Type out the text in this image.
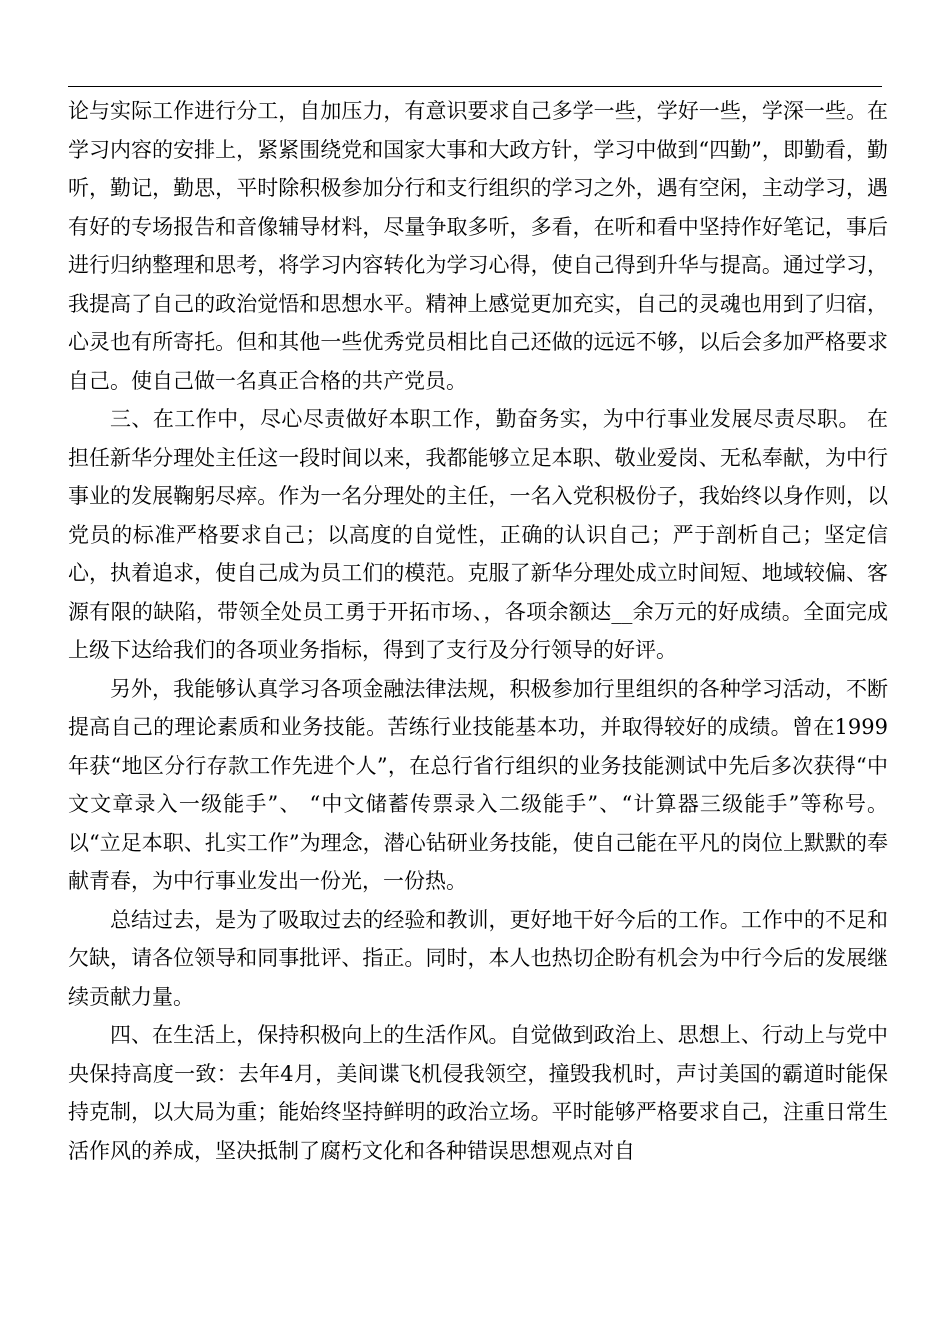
论与实际工作进行分工，自加压力，有意识要求自己多学一些，学好一些，学深一些。在学习内容的安排上，紧紧围绕党和国家大事和大政方针，学习中做到“四勤”，即勤看，勤听，勤记，勤思，平时除积极参加分行和支行组织的学习之外，遇有空闲，主动学习，遇有好的专场报告和音像辅导材料，尽量争取多听，多看，在听和看中坚持作好笔记，事后进行归纳整理和思考，将学习内容转化为学习心得，使自己得到升华与提高。通过学习，我提高了自己的政治觉悟和思想水平。精神上感觉更加充实，自己的灵魂也用到了归宿，心灵也有所寄托。但和其他一些优秀党员相比自己还做的远远不够，以后会多加严格要求自己。使自己做一名真正合格的共产党员。

三、在工作中，尽心尽责做好本职工作，勤奋务实，为中行事业发展尽责尽职。 在担任新华分理处主任这一段时间以来，我都能够立足本职、敬业爱岗、无私奉献，为中行事业的发展鞠躬尽瘁。作为一名分理处的主任，一名入党积极份子，我始终以身作则，以党员的标准严格要求自己；以高度的自觉性，正确的认识自己；严于剖析自己；坚定信心，执着追求，使自己成为员工们的模范。克服了新华分理处成立时间短、地域较偏、客源有限的缺陷，带领全处员工勇于开拓市场、，各项余额达__余万元的好成绩。全面完成上级下达给我们的各项业务指标，得到了支行及分行领导的好评。

另外，我能够认真学习各项金融法律法规，积极参加行里组织的各种学习活动，不断提高自己的理论素质和业务技能。苦练行业技能基本功，并取得较好的成绩。曾在1999年获“地区分行存款工作先进个人”，在总行省行组织的业务技能测试中先后多次获得“中文文章录入一级能手”、 “中文储蓄传票录入二级能手”、“计算器三级能手”等称号。以“立足本职、扎实工作”为理念，潜心钻研业务技能，使自己能在平凡的岗位上默默的奉献青春，为中行事业发出一份光，一份热。

总结过去，是为了吸取过去的经验和教训，更好地干好今后的工作。工作中的不足和欠缺，请各位领导和同事批评、指正。同时，本人也热切企盼有机会为中行今后的发展继续贡献力量。

四、在生活上，保持积极向上的生活作风。自觉做到政治上、思想上、行动上与党中央保持高度一致：去年4月，美间谍飞机侵我领空，撞毁我机时，声讨美国的霸道时能保持克制，以大局为重；能始终坚持鲜明的政治立场。平时能够严格要求自己，注重日常生活作风的养成，坚决抵制了腐朽文化和各种错误思想观点对自
